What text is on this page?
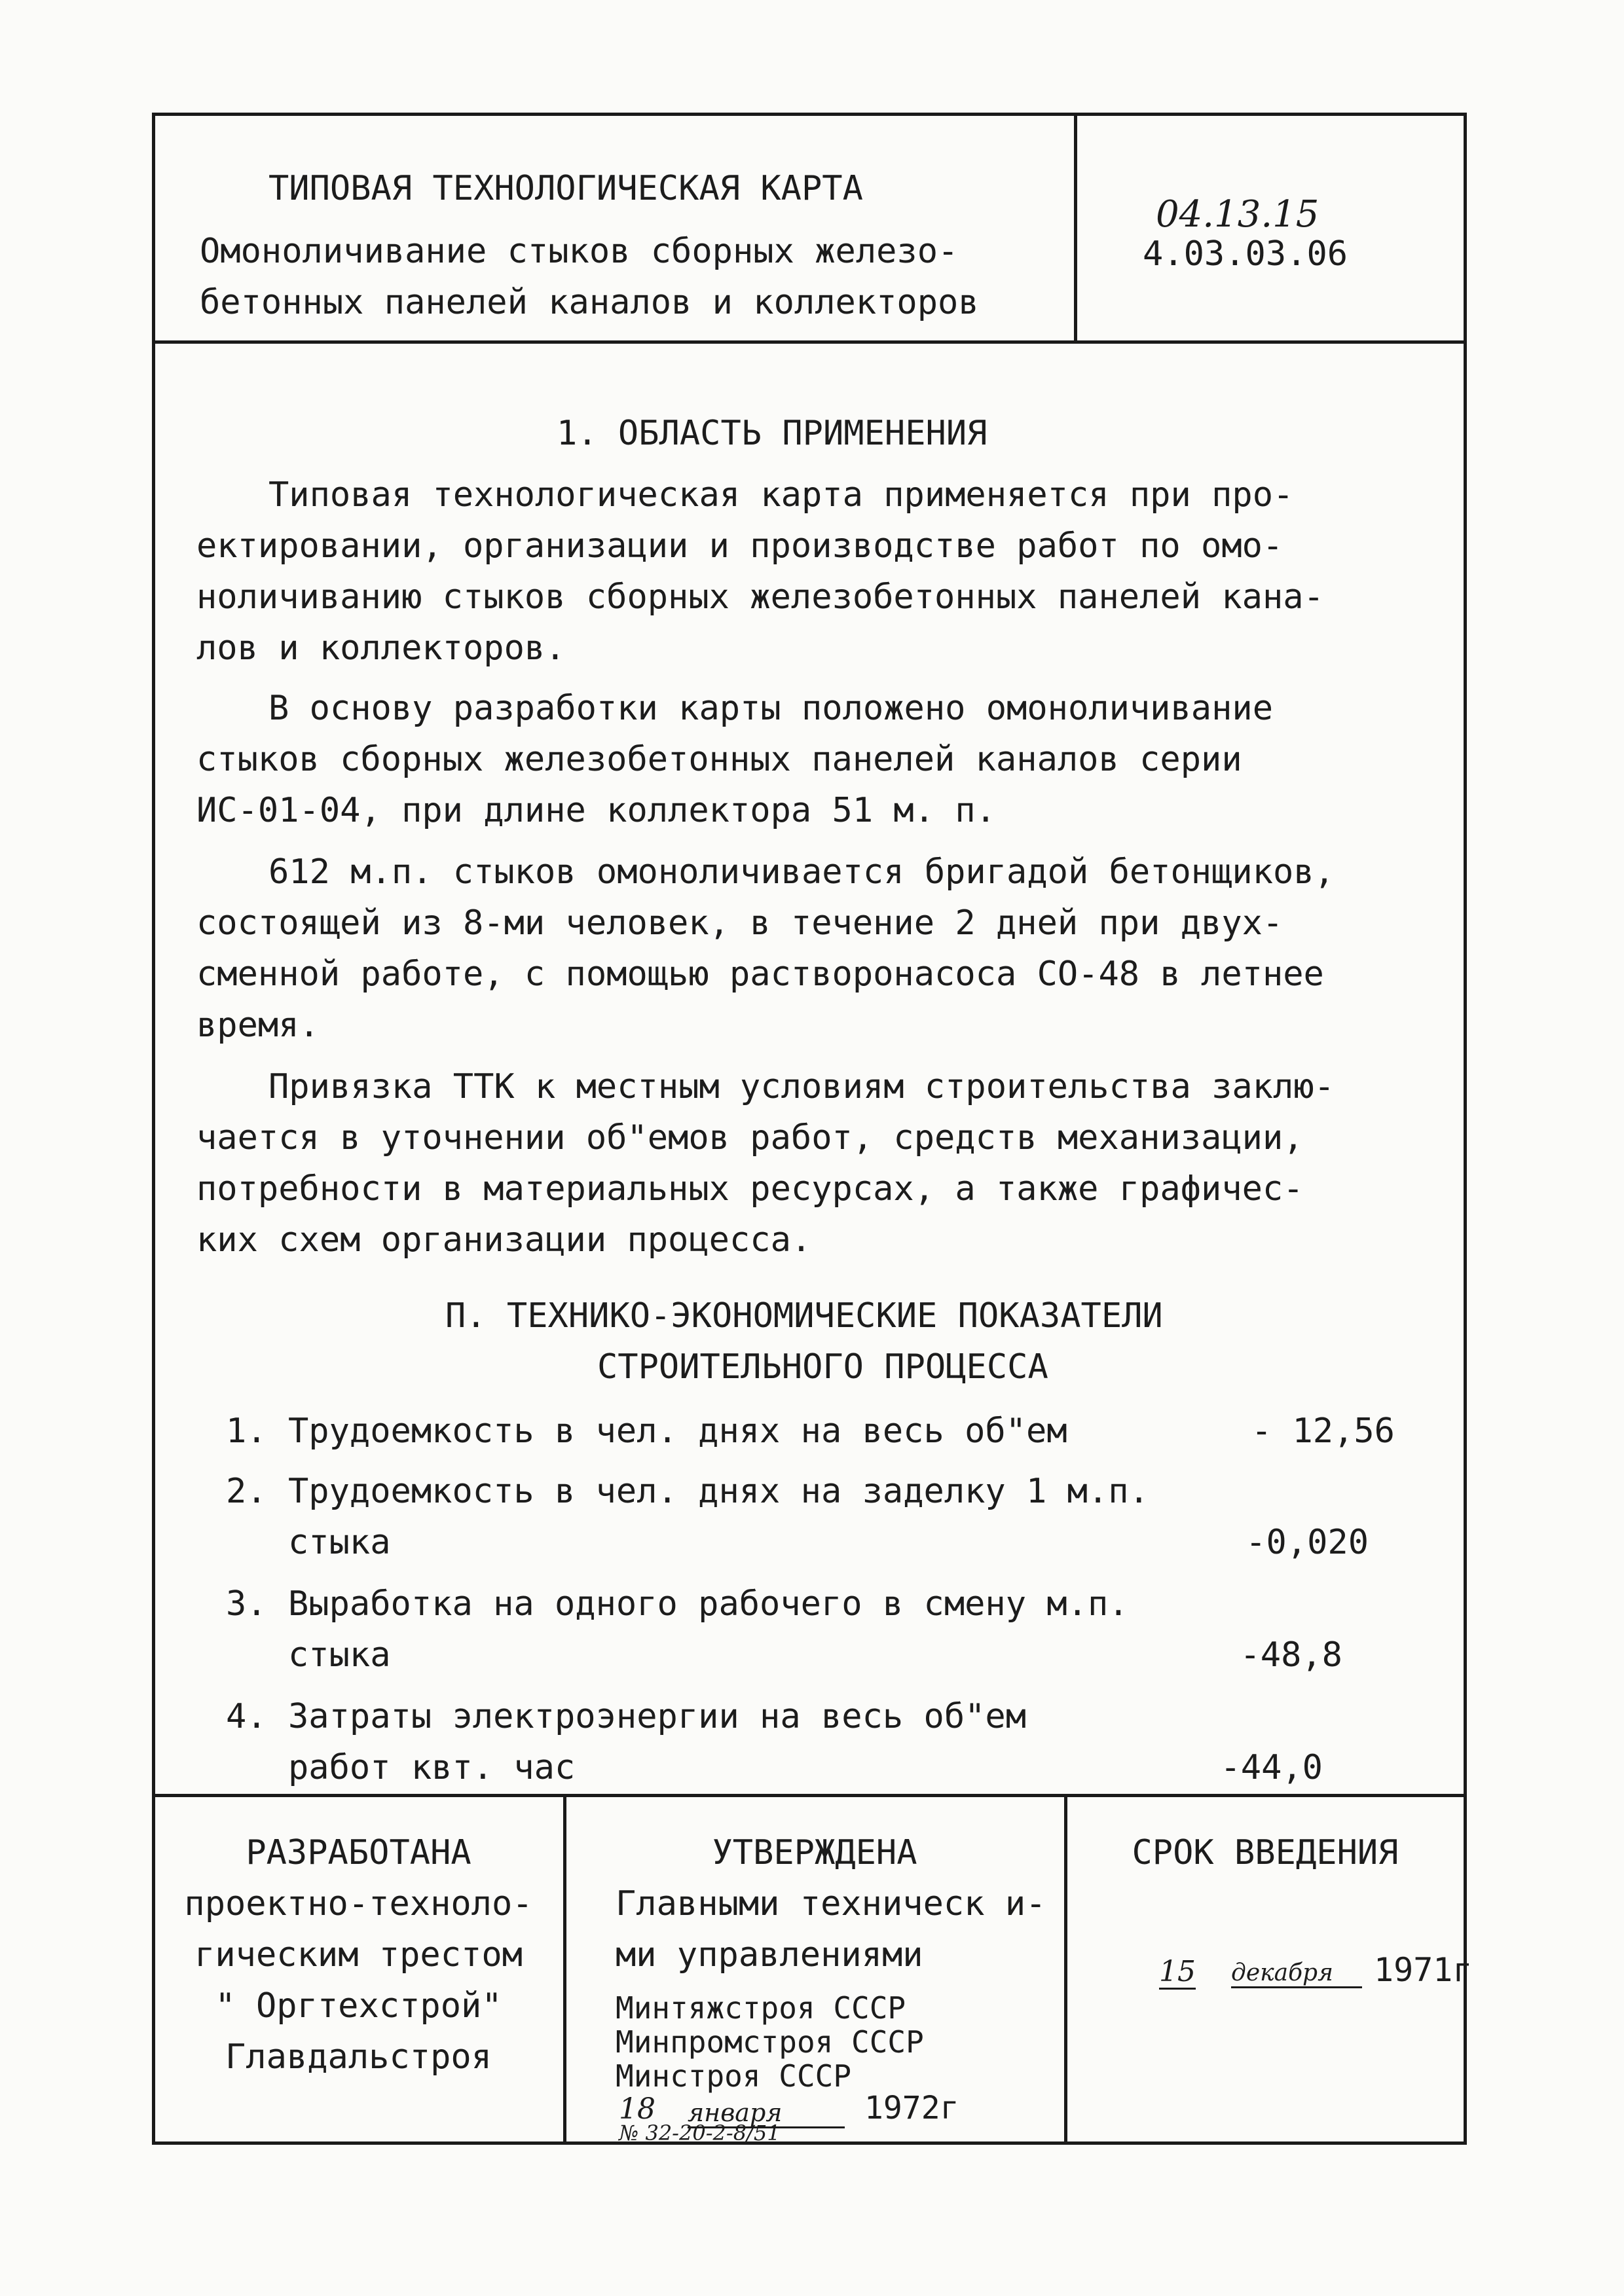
ТИПОВАЯ ТЕХНОЛОГИЧЕСКАЯ КАРТА
Омоноличивание стыков сборных железо-
бетонных панелей каналов и коллекторов
04.13.15
4.03.03.06
1. ОБЛАСТЬ ПРИМЕНЕНИЯ
Типовая технологическая карта применяется при про-
ектировании, организации и производстве работ по омо-
ноличиванию стыков сборных железобетонных панелей кана-
лов и коллекторов.
В основу разработки карты положено омоноличивание
стыков сборных железобетонных панелей каналов серии
ИС-01-04, при длине коллектора 51 м. п.
612 м.п. стыков омоноличивается бригадой бетонщиков,
состоящей из 8-ми человек, в течение 2 дней при двух-
сменной работе, с помощью растворонасоса СО-48 в летнее
время.
Привязка ТТК к местным условиям строительства заклю-
чается в уточнении об"емов работ, средств механизации,
потребности в материальных ресурсах, а также графичес-
ких схем организации процесса.
П. ТЕХНИКО-ЭКОНОМИЧЕСКИЕ ПОКАЗАТЕЛИ
СТРОИТЕЛЬНОГО ПРОЦЕССА
1. Трудоемкость в чел. днях на весь об"ем	- 12,56
2. Трудоемкость в чел. днях на заделку 1 м.п.
стыка	-0,020
3. Выработка на одного рабочего в смену м.п.
стыка	-48,8
4. Затраты электроэнергии на весь об"ем
работ квт. час	-44,0
РАЗРАБОТАНА
проектно-техноло-
гическим трестом
" Оргтехстрой"
Главдальстроя
УТВЕРЖДЕНА
Главными техническ и-
ми управлениями
Минтяжстроя СССР
Минпромстроя СССР
Минстроя СССР
18 января	1972г
№ 32-20-2-8/51
СРОК ВВЕДЕНИЯ
15 декабря	1971г
